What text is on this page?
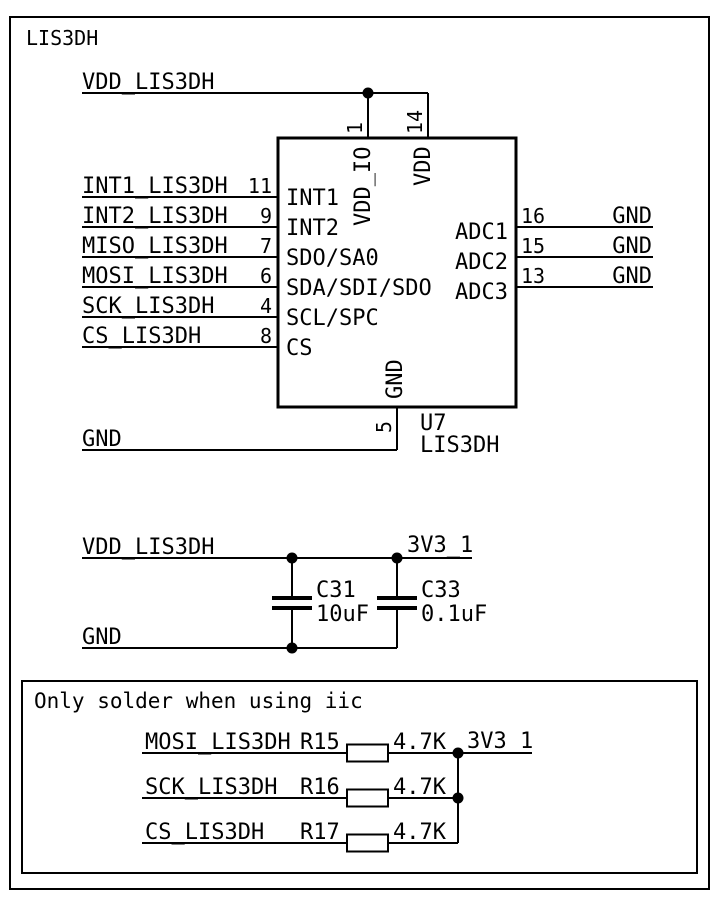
LIS3DH
VDD_LIS3DH
U7
LIS3DH
1 14
VDD_IO VDD
INT1_LIS3DH
INT2_LIS3DH
MISO_LIS3DH
MOSI_LIS3DH
SCK_LIS3DH
CS_LIS3DH
11
9
7
6
4
8
INT1
INT2
SDO/SA0
SDA/SDI/SDO
SCL/SPC
CS
ADC1
ADC2
ADC3
16
15
13
GND
GND
GND
GND
5
GND
VDD_LIS3DH	3V3_1
GND
C31
10uF
C33
0.1uF
Only solder when using iic
MOSI_LIS3DH
SCK_LIS3DH
CS_LIS3DH
R15
R16
R17
4.7K
4.7K
4.7K
3V3_1
